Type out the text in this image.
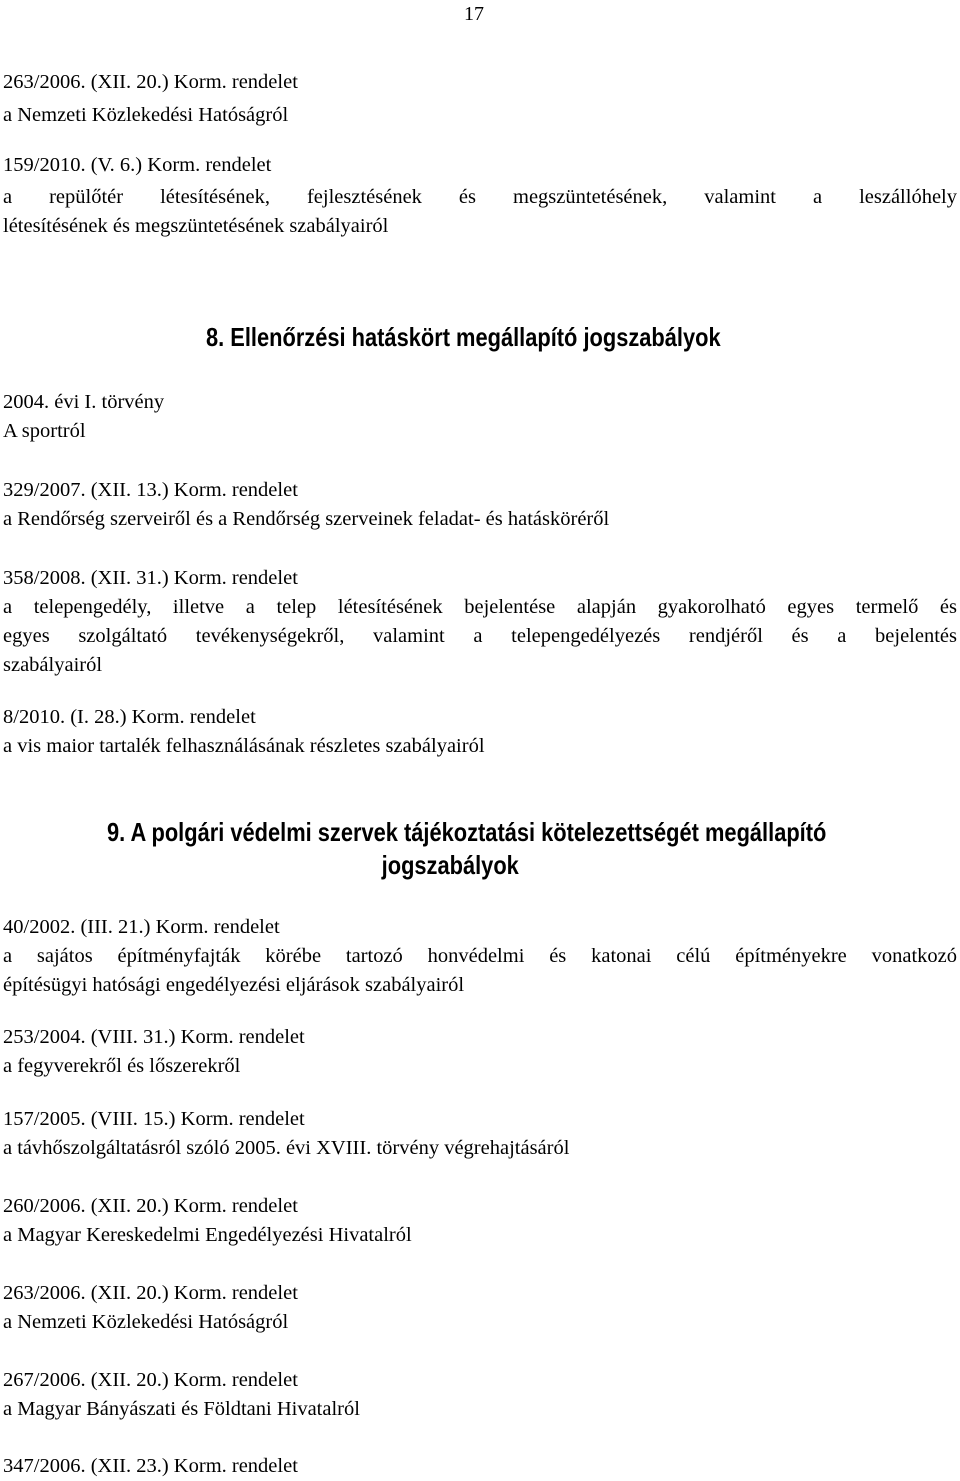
17
263/2006. (XII. 20.) Korm. rendelet
a Nemzeti Közlekedési Hatóságról
159/2010. (V. 6.) Korm. rendelet
a repülőtér létesítésének, fejlesztésének és megszüntetésének, valamint a leszállóhely
létesítésének és megszüntetésének szabályairól
8. Ellenőrzési hatáskört megállapító jogszabályok
2004. évi I. törvény
A sportról
329/2007. (XII. 13.) Korm. rendelet
a Rendőrség szerveiről és a Rendőrség szerveinek feladat- és hatásköréről
358/2008. (XII. 31.) Korm. rendelet
a telepengedély, illetve a telep létesítésének bejelentése alapján gyakorolható egyes termelő és
egyes szolgáltató tevékenységekről, valamint a telepengedélyezés rendjéről és a bejelentés
szabályairól
8/2010. (I. 28.) Korm. rendelet
a vis maior tartalék felhasználásának részletes szabályairól
9. A polgári védelmi szervek tájékoztatási kötelezettségét megállapító
jogszabályok
40/2002. (III. 21.) Korm. rendelet
a sajátos építményfajták körébe tartozó honvédelmi és katonai célú építményekre vonatkozó
építésügyi hatósági engedélyezési eljárások szabályairól
253/2004. (VIII. 31.) Korm. rendelet
a fegyverekről és lőszerekről
157/2005. (VIII. 15.) Korm. rendelet
a távhőszolgáltatásról szóló 2005. évi XVIII. törvény végrehajtásáról
260/2006. (XII. 20.) Korm. rendelet
a Magyar Kereskedelmi Engedélyezési Hivatalról
263/2006. (XII. 20.) Korm. rendelet
a Nemzeti Közlekedési Hatóságról
267/2006. (XII. 20.) Korm. rendelet
a Magyar Bányászati és Földtani Hivatalról
347/2006. (XII. 23.) Korm. rendelet
